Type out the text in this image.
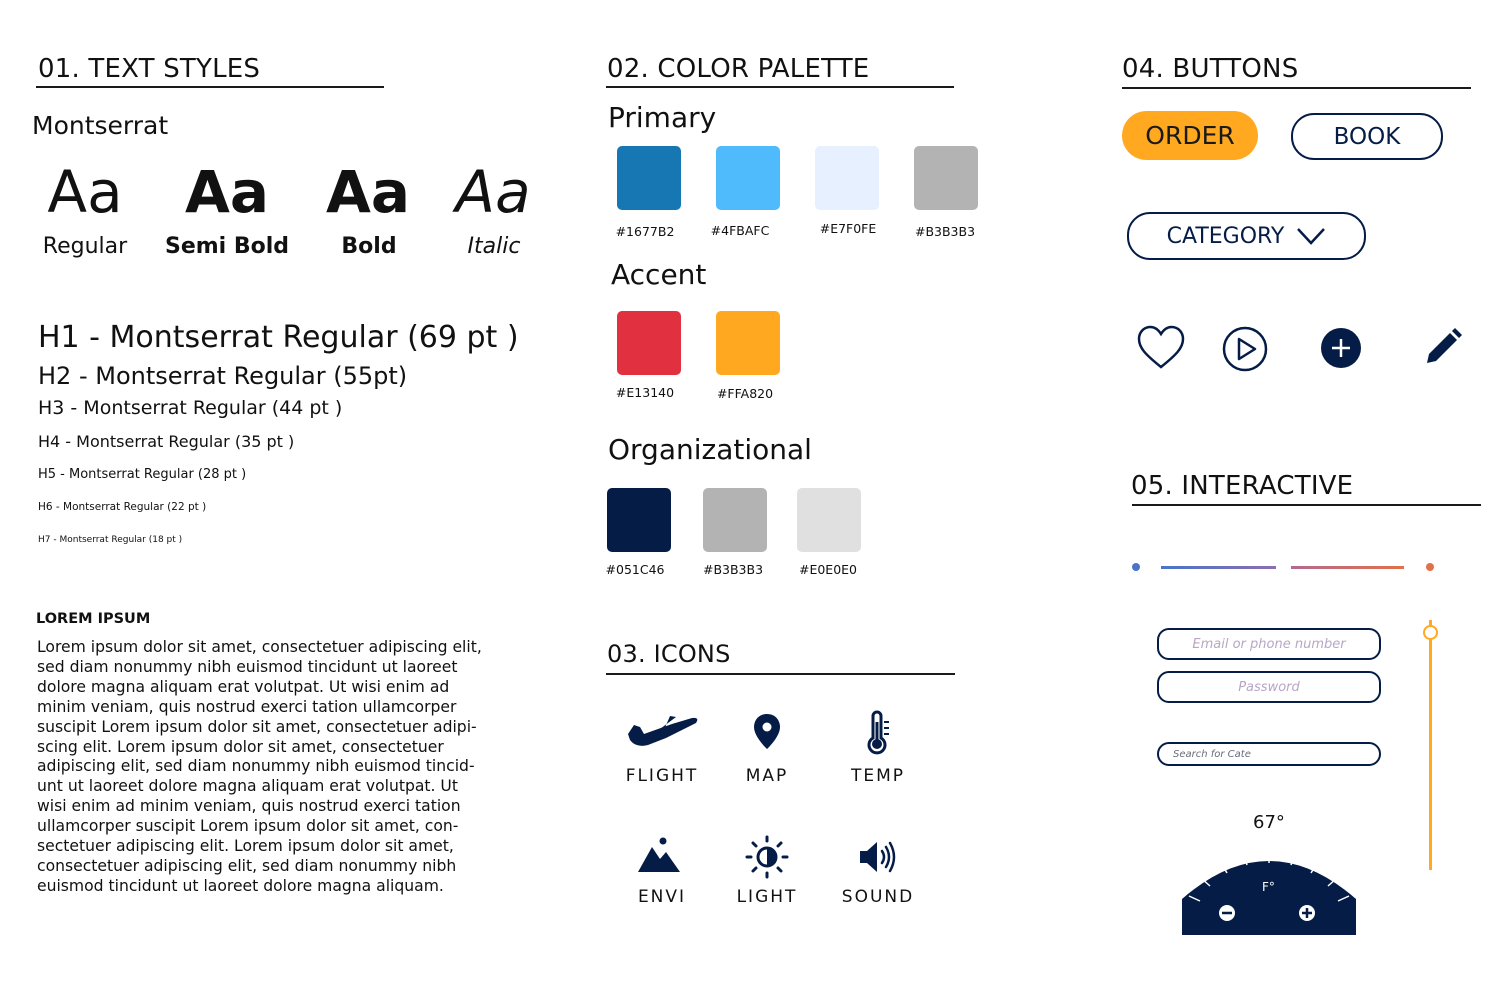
01. TEXT STYLES
Montserrat
Aa	Aa Aa Aa
Regular	Semi Bold	Bold	Italic
H1 - Montserrat Regular (69 pt )
H2 - Montserrat Regular (55pt)
H3 - Montserrat Regular (44 pt )
H4 - Montserrat Regular (35 pt )
H5 - Montserrat Regular (28 pt )
H6 - Montserrat Regular (22 pt )
H7 - Montserrat Regular (18 pt )
LOREM IPSUM
Lorem ipsum dolor sit amet, consectetuer adipiscing elit,
sed diam nonummy nibh euismod tincidunt ut laoreet
dolore magna aliquam erat volutpat. Ut wisi enim ad
minim veniam, quis nostrud exerci tation ullamcorper
suscipit Lorem ipsum dolor sit amet, consectetuer adipi-
scing elit. Lorem ipsum dolor sit amet, consectetuer
adipiscing elit, sed diam nonummy nibh euismod tincid-
unt ut laoreet dolore magna aliquam erat volutpat. Ut
wisi enim ad minim veniam, quis nostrud exerci tation
ullamcorper suscipit Lorem ipsum dolor sit amet, con-
sectetuer adipiscing elit. Lorem ipsum dolor sit amet,
consectetuer adipiscing elit, sed diam nonummy nibh
euismod tincidunt ut laoreet dolore magna aliquam.
02. COLOR PALETTE
Primary
#1677B2	#4FBAFC	#E7F0FE	#B3B3B3
Accent
#E13140	#FFA820
Organizational
#051C46	#B3B3B3	#E0E0E0
03. ICONS
FLIGHT	MAP	TEMP
ENVI	LIGHT	SOUND
04. BUTTONS
ORDER	BOOK
CATEGORY
05. INTERACTIVE
Email or phone number
Password
Search for Cate
67°
F°
